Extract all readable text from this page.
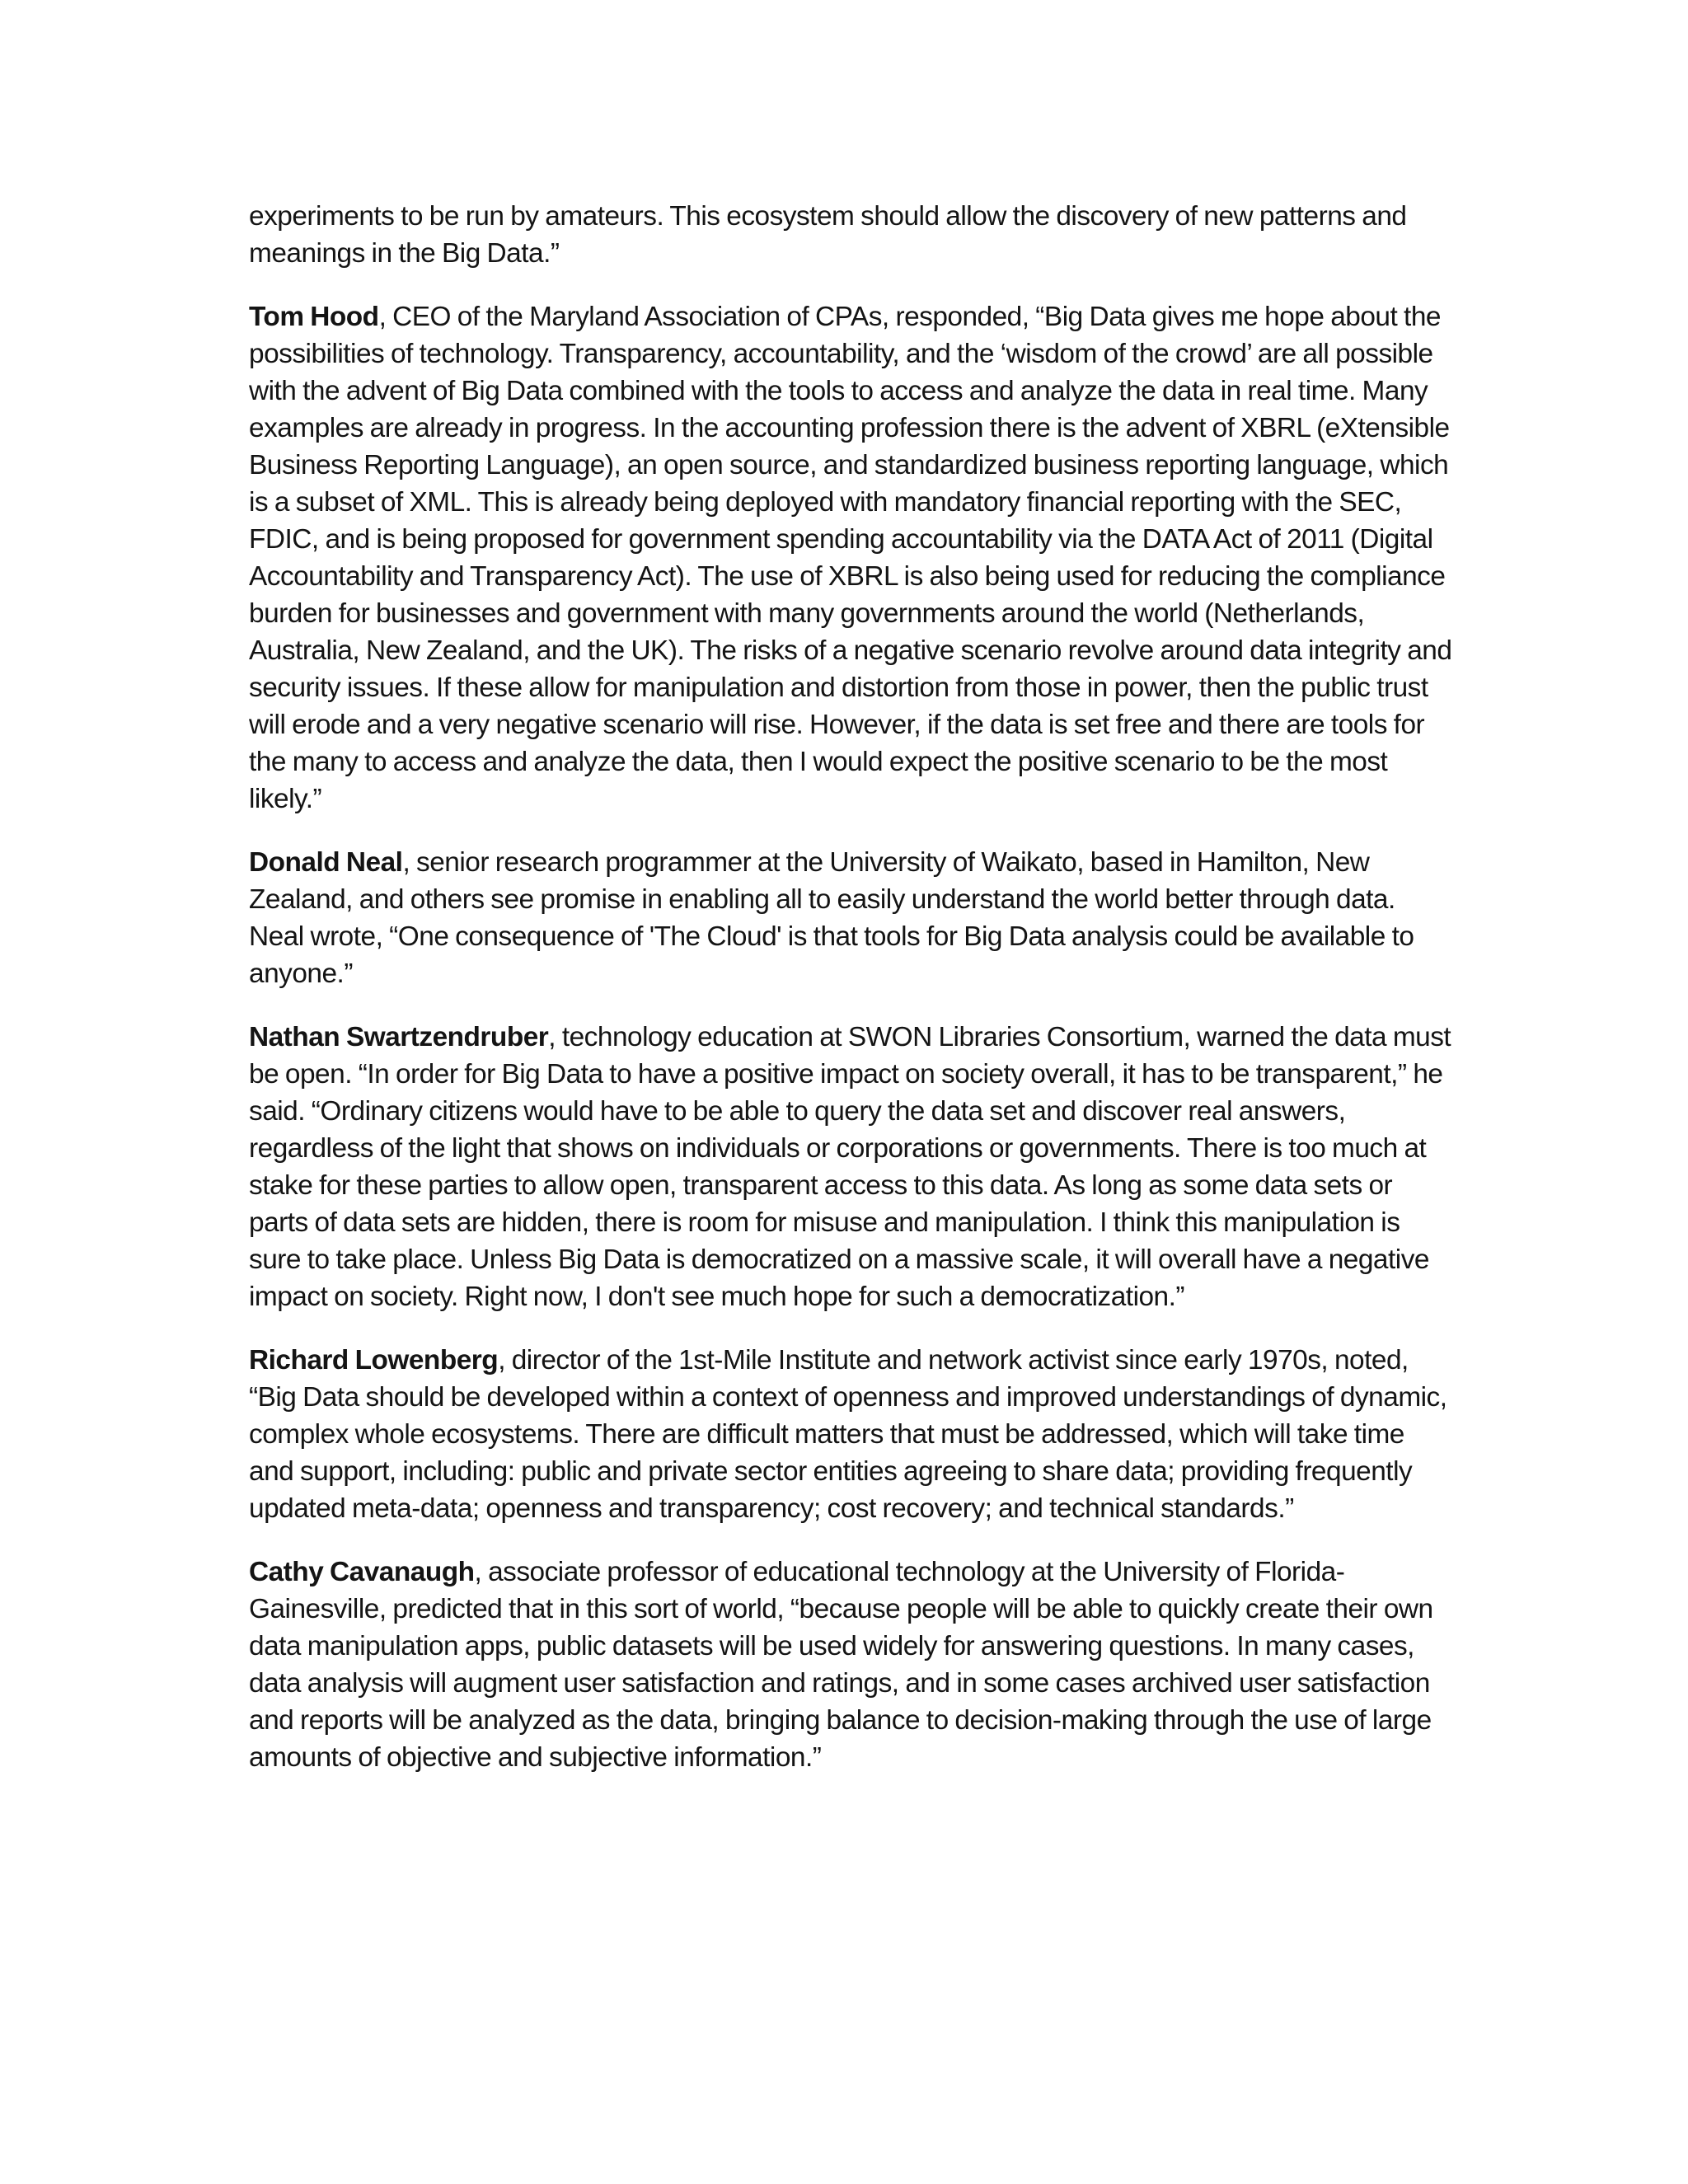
experiments to be run by amateurs. This ecosystem should allow the discovery of new patterns and meanings in the Big Data.”

Tom Hood, CEO of the Maryland Association of CPAs, responded, “Big Data gives me hope about the possibilities of technology. Transparency, accountability, and the ‘wisdom of the crowd’ are all possible with the advent of Big Data combined with the tools to access and analyze the data in real time. Many examples are already in progress. In the accounting profession there is the advent of XBRL (eXtensible Business Reporting Language), an open source, and standardized business reporting language, which is a subset of XML. This is already being deployed with mandatory financial reporting with the SEC, FDIC, and is being proposed for government spending accountability via the DATA Act of 2011 (Digital Accountability and Transparency Act). The use of XBRL is also being used for reducing the compliance burden for businesses and government with many governments around the world (Netherlands, Australia, New Zealand, and the UK). The risks of a negative scenario revolve around data integrity and security issues. If these allow for manipulation and distortion from those in power, then the public trust will erode and a very negative scenario will rise. However, if the data is set free and there are tools for the many to access and analyze the data, then I would expect the positive scenario to be the most likely.”

Donald Neal, senior research programmer at the University of Waikato, based in Hamilton, New Zealand, and others see promise in enabling all to easily understand the world better through data. Neal wrote, “One consequence of 'The Cloud' is that tools for Big Data analysis could be available to anyone.”

Nathan Swartzendruber, technology education at SWON Libraries Consortium, warned the data must be open. “In order for Big Data to have a positive impact on society overall, it has to be transparent,” he said. “Ordinary citizens would have to be able to query the data set and discover real answers, regardless of the light that shows on individuals or corporations or governments. There is too much at stake for these parties to allow open, transparent access to this data. As long as some data sets or parts of data sets are hidden, there is room for misuse and manipulation. I think this manipulation is sure to take place. Unless Big Data is democratized on a massive scale, it will overall have a negative impact on society. Right now, I don't see much hope for such a democratization.”

Richard Lowenberg, director of the 1st-Mile Institute and network activist since early 1970s, noted, “Big Data should be developed within a context of openness and improved understandings of dynamic, complex whole ecosystems. There are difficult matters that must be addressed, which will take time and support, including: public and private sector entities agreeing to share data; providing frequently updated meta-data; openness and transparency; cost recovery; and technical standards.”

Cathy Cavanaugh, associate professor of educational technology at the University of Florida-Gainesville, predicted that in this sort of world, “because people will be able to quickly create their own data manipulation apps, public datasets will be used widely for answering questions. In many cases, data analysis will augment user satisfaction and ratings, and in some cases archived user satisfaction and reports will be analyzed as the data, bringing balance to decision-making through the use of large amounts of objective and subjective information.”
